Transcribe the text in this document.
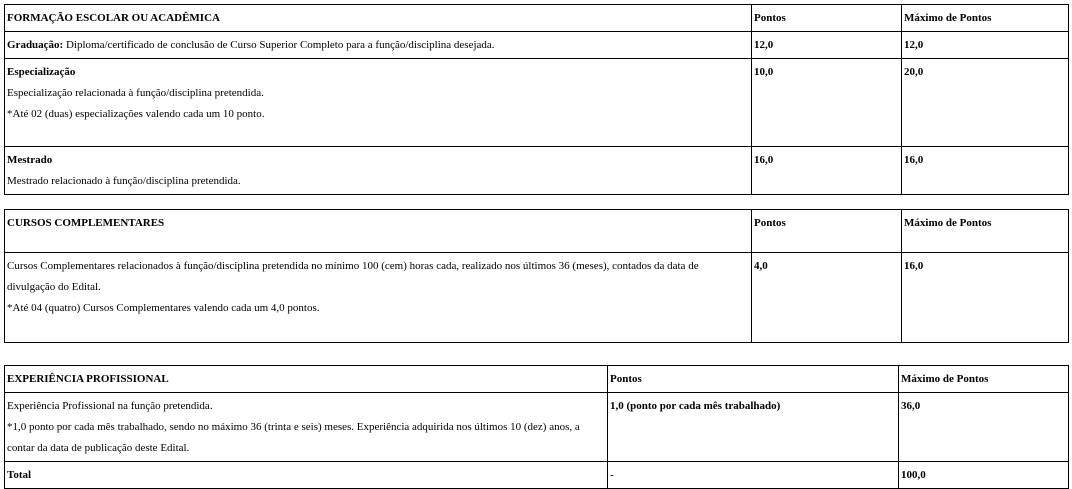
FORMAÇÃO ESCOLAR OU ACADÊMICA	Pontos	Máximo de Pontos
Graduação: Diploma/certificado de conclusão de Curso Superior Completo para a função/disciplina desejada.	12,0	12,0

Especialização
Especialização relacionada à função/disciplina pretendida.
*Até 02 (duas) especializações valendo cada um 10 ponto.	10,0	20,0

Mestrado
Mestrado relacionado à função/disciplina pretendida.	16,0	16,0
CURSOS COMPLEMENTARES	Pontos	Máximo de Pontos

Cursos Complementares relacionados à função/disciplina pretendida no mínimo 100 (cem) horas cada, realizado nos últimos 36 (meses), contados da data de divulgação do Edital.
*Até 04 (quatro) Cursos Complementares valendo cada um 4,0 pontos.	4,0	16,0
EXPERIÊNCIA PROFISSIONAL	Pontos	Máximo de Pontos

Experiência Profissional na função pretendida.
*1,0 ponto por cada mês trabalhado, sendo no máximo 36 (trinta e seis) meses. Experiência adquirida nos últimos 10 (dez) anos, a contar da data de publicação deste Edital.	1,0 (ponto por cada mês trabalhado)	36,0
Total	-	100,0
